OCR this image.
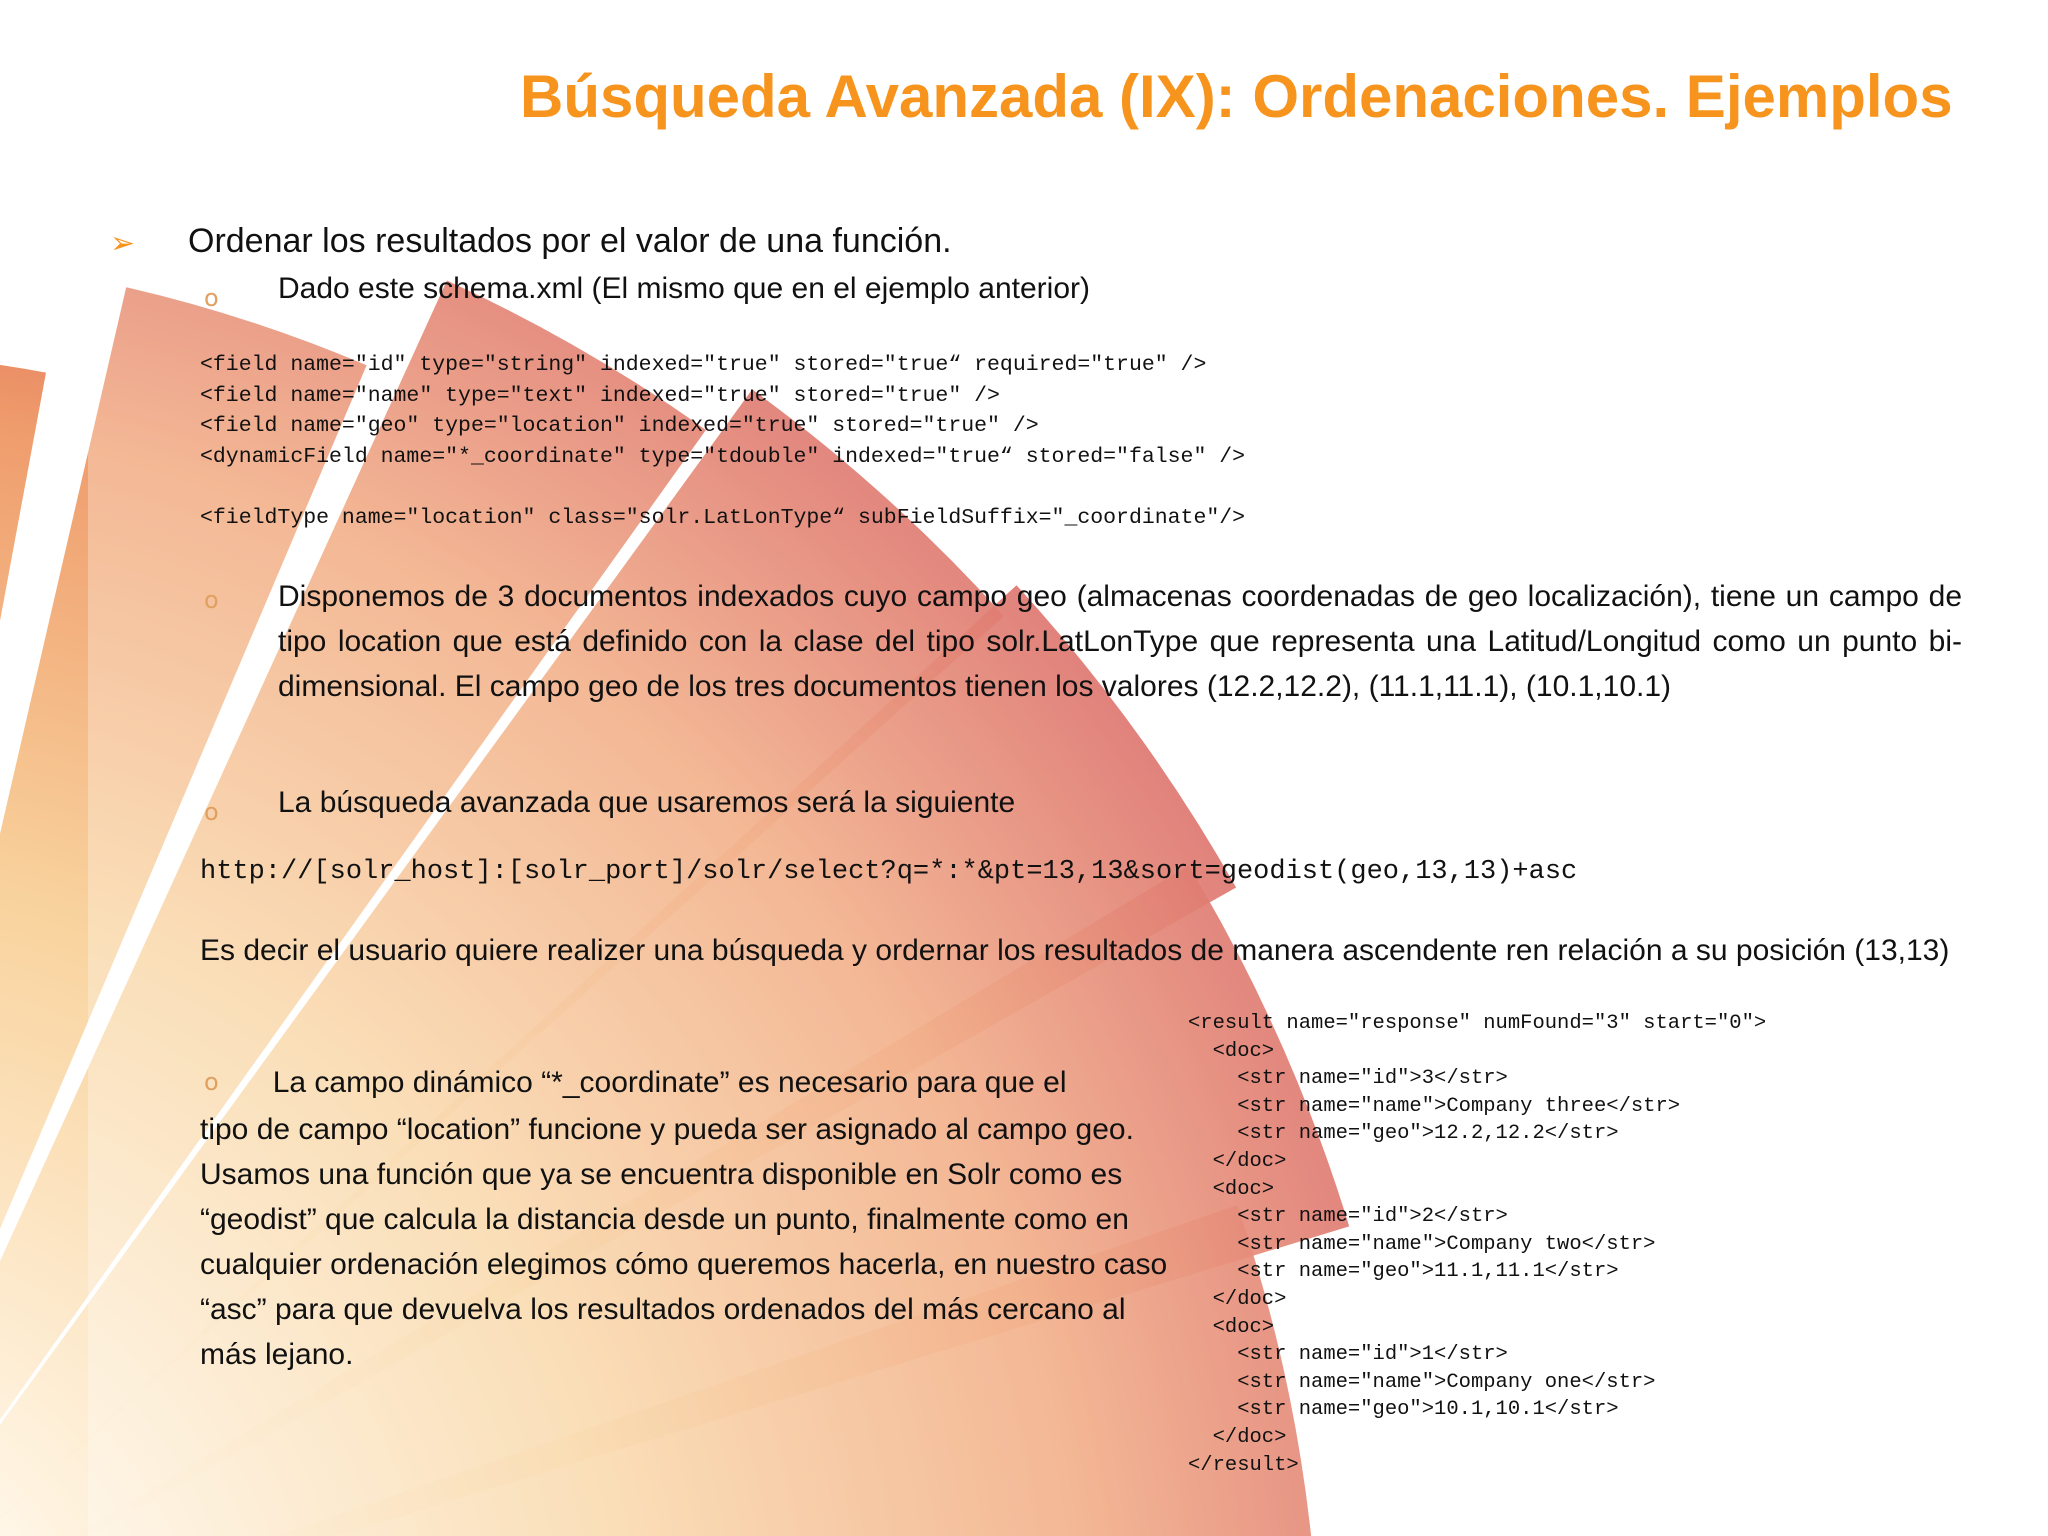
Búsqueda Avanzada (IX): Ordenaciones. Ejemplos
➢ Ordenar los resultados por el valor de una función.

o Dado este schema.xml (El mismo que en el ejemplo anterior)

<field name="id" type="string" indexed="true" stored="true“ required="true" />
<field name="name" type="text" indexed="true" stored="true" />
<field name="geo" type="location" indexed="true" stored="true" />
<dynamicField name="*_coordinate" type="tdouble" indexed="true“ stored="false" />

<fieldType name="location" class="solr.LatLonType“ subFieldSuffix="_coordinate"/>
o Disponemos de 3 documentos indexados cuyo campo geo (almacenas coordenadas de geo localización), tiene un campo de tipo location que está definido con la clase del tipo solr.LatLonType que representa una Latitud/Longitud como un punto bi-dimensional. El campo geo de los tres documentos tienen los valores (12.2,12.2), (11.1,11.1), (10.1,10.1)

o La búsqueda avanzada que usaremos será la siguiente

http://[solr_host]:[solr_port]/solr/select?q=*:*&pt=13,13&sort=geodist(geo,13,13)+asc

Es decir el usuario quiere realizer una búsqueda y ordernar los resultados de manera ascendente ren relación a su posición (13,13)

o La campo dinámico “*_coordinate” es necesario para que el
tipo de campo “location” funcione y pueda ser asignado al campo geo. Usamos una función que ya se encuentra disponible en Solr como es “geodist” que calcula la distancia desde un punto, finalmente como en cualquier ordenación elegimos cómo queremos hacerla, en nuestro caso “asc” para que devuelva los resultados ordenados del más cercano al más lejano.
<result name="response" numFound="3" start="0">
<doc>
<str name="id">3</str>
<str name="name">Company three</str>
<str name="geo">12.2,12.2</str>
</doc>
<doc>
<str name="id">2</str>
<str name="name">Company two</str>
<str name="geo">11.1,11.1</str>
</doc>
<doc>
<str name="id">1</str>
<str name="name">Company one</str>
<str name="geo">10.1,10.1</str>
</doc>
</result>
